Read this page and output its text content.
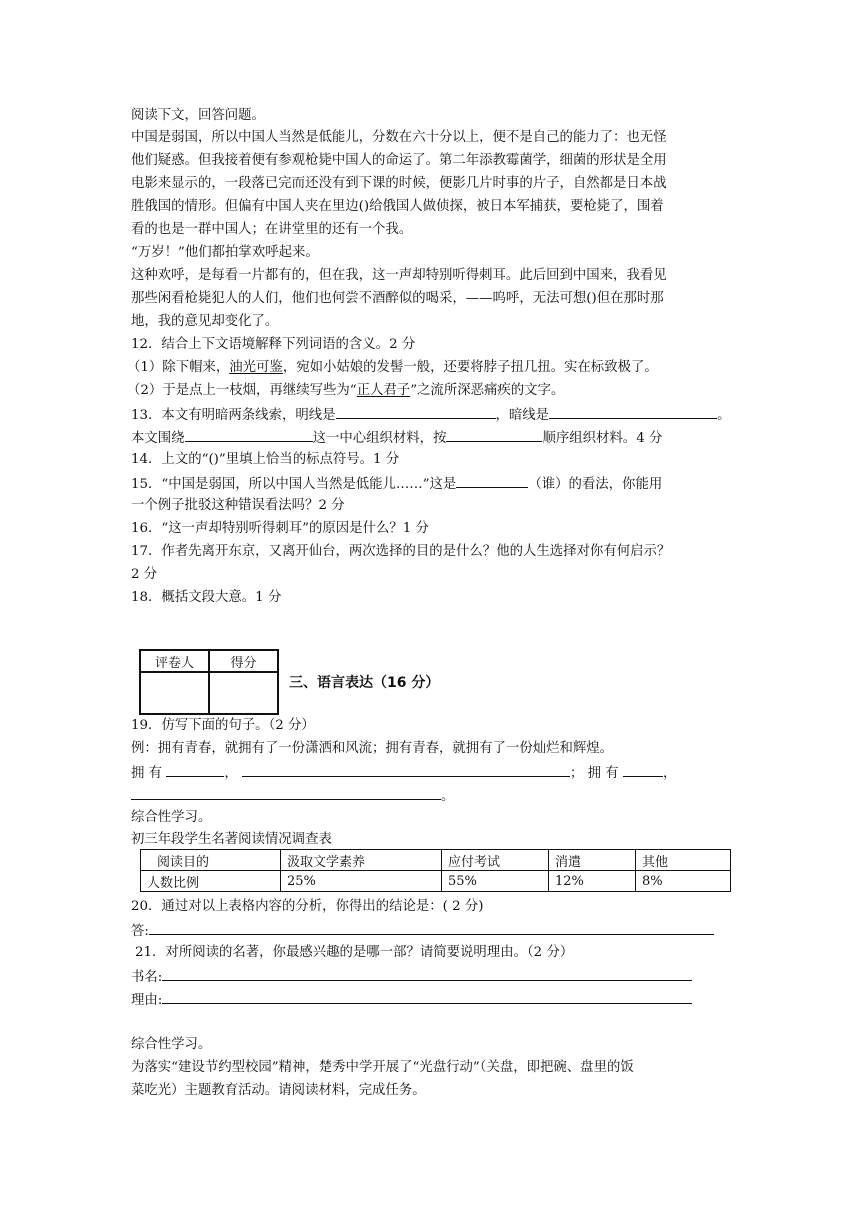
阅读下文，回答问题。
中国是弱国，所以中国人当然是低能儿，分数在六十分以上，便不是自己的能力了：也无怪
他们疑惑。但我接着便有参观枪毙中国人的命运了。第二年添教霉菌学，细菌的形状是全用
电影来显示的，一段落已完而还没有到下课的时候，便影几片时事的片子，自然都是日本战
胜俄国的情形。但偏有中国人夹在里边()给俄国人做侦探，被日本军捕获，要枪毙了，围着
看的也是一群中国人；在讲堂里的还有一个我。
“万岁！”他们都拍掌欢呼起来。
这种欢呼，是每看一片都有的，但在我，这一声却特别听得刺耳。此后回到中国来，我看见
那些闲看枪毙犯人的人们，他们也何尝不酒醉似的喝采，——呜呼，无法可想()但在那时那
地，我的意见却变化了。
12．结合上下文语境解释下列词语的含义。2 分
（1）除下帽来，油光可鉴，宛如小姑娘的发髻一般，还要将脖子扭几扭。实在标致极了。
（2）于是点上一枝烟，再继续写些为“正人君子”之流所深恶痛疾的文字。
13．本文有明暗两条线索，明线是	，暗线是	。
本文围绕	这一中心组织材料，按	顺序组织材料。4 分
14．上文的“()”里填上恰当的标点符号。1 分
15．“中国是弱国，所以中国人当然是低能儿……”这是	（谁）的看法，你能用
一个例子批驳这种错误看法吗？2 分
16．“这一声却特别听得刺耳”的原因是什么？1 分
17．作者先离开东京，又离开仙台，两次选择的目的是什么？他的人生选择对你有何启示？
2 分
18．概括文段大意。1 分
评卷人	得分

三、语言表达（16 分）
19．仿写下面的句子。（2 分）
例：拥有青春，就拥有了一份潇洒和风流；拥有青春，就拥有了一份灿烂和辉煌。
拥 有	，	； 拥 有	，
。
综合性学习。
初三年段学生名著阅读情况调查表
阅读目的	汲取文学素养	应付考试	消遣	其他
人数比例	25%	55%	12%	8%
20．通过对以上表格内容的分析，你得出的结论是：( 2 分)
答:
21．对所阅读的名著，你最感兴趣的是哪一部？请简要说明理由。（2 分）
书名:
理由:
综合性学习。
为落实“建设节约型校园”精神，楚秀中学开展了“光盘行动”（关盘，即把碗、盘里的饭
菜吃光）主题教育活动。请阅读材料，完成任务。
